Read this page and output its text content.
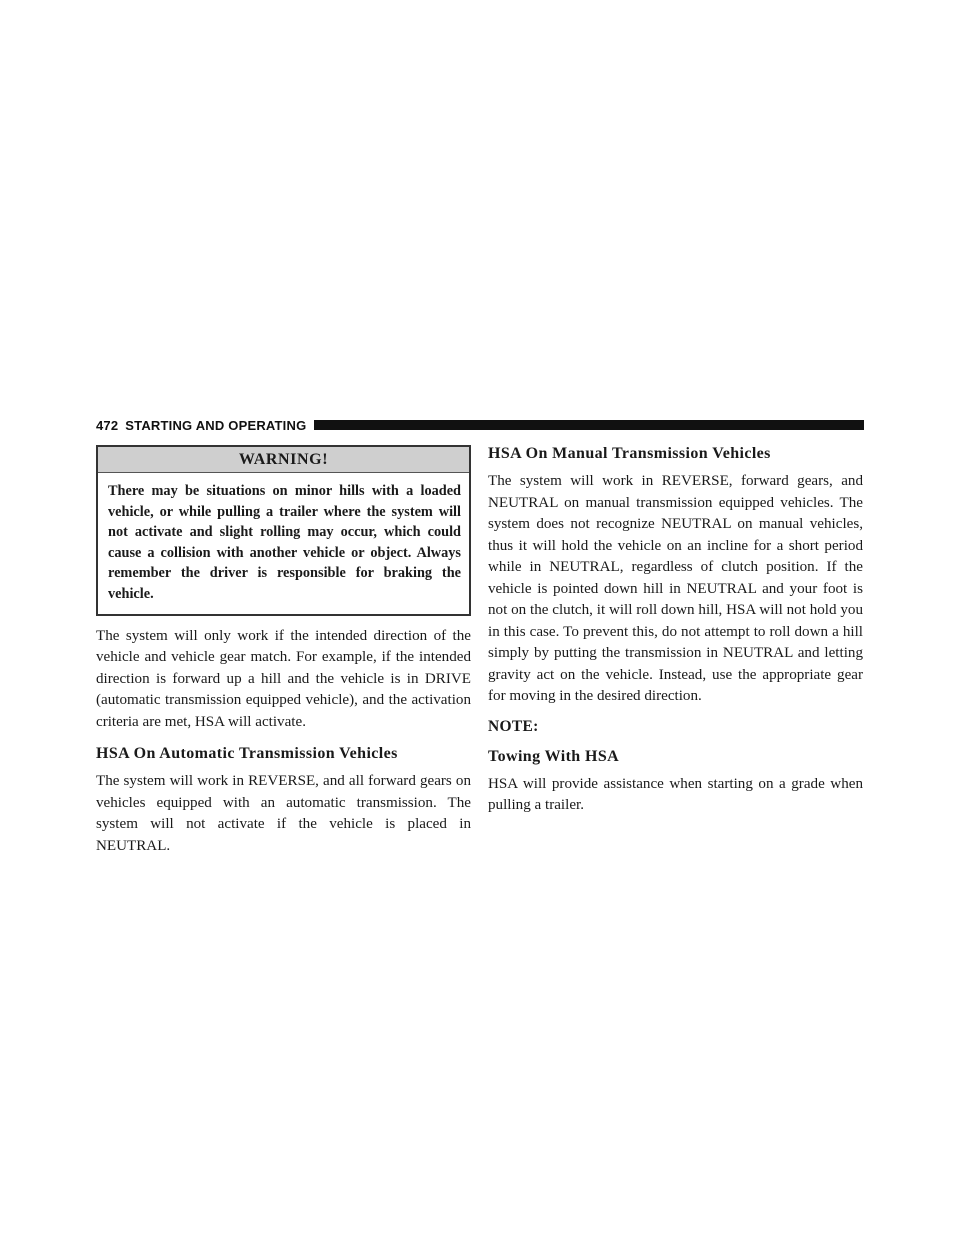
472 STARTING AND OPERATING
WARNING!
There may be situations on minor hills with a loaded vehicle, or while pulling a trailer where the system will not activate and slight rolling may occur, which could cause a collision with another vehicle or object. Always remember the driver is responsible for braking the vehicle.

The system will only work if the intended direction of the vehicle and vehicle gear match. For example, if the intended direction is forward up a hill and the vehicle is in DRIVE (automatic transmission equipped vehicle), and the activation criteria are met, HSA will activate.

HSA On Automatic Transmission Vehicles

The system will work in REVERSE, and all forward gears on vehicles equipped with an automatic transmission. The system will not activate if the vehicle is placed in NEUTRAL.

HSA On Manual Transmission Vehicles

The system will work in REVERSE, forward gears, and NEUTRAL on manual transmission equipped vehicles. The system does not recognize NEUTRAL on manual vehicles, thus it will hold the vehicle on an incline for a short period while in NEUTRAL, regardless of clutch position. If the vehicle is pointed down hill in NEUTRAL and your foot is not on the clutch, it will roll down hill, HSA will not hold you in this case. To prevent this, do not attempt to roll down a hill simply by putting the transmission in NEUTRAL and letting gravity act on the vehicle. Instead, use the appropriate gear for moving in the desired direction.

NOTE:
Towing With HSA

HSA will provide assistance when starting on a grade when pulling a trailer.
